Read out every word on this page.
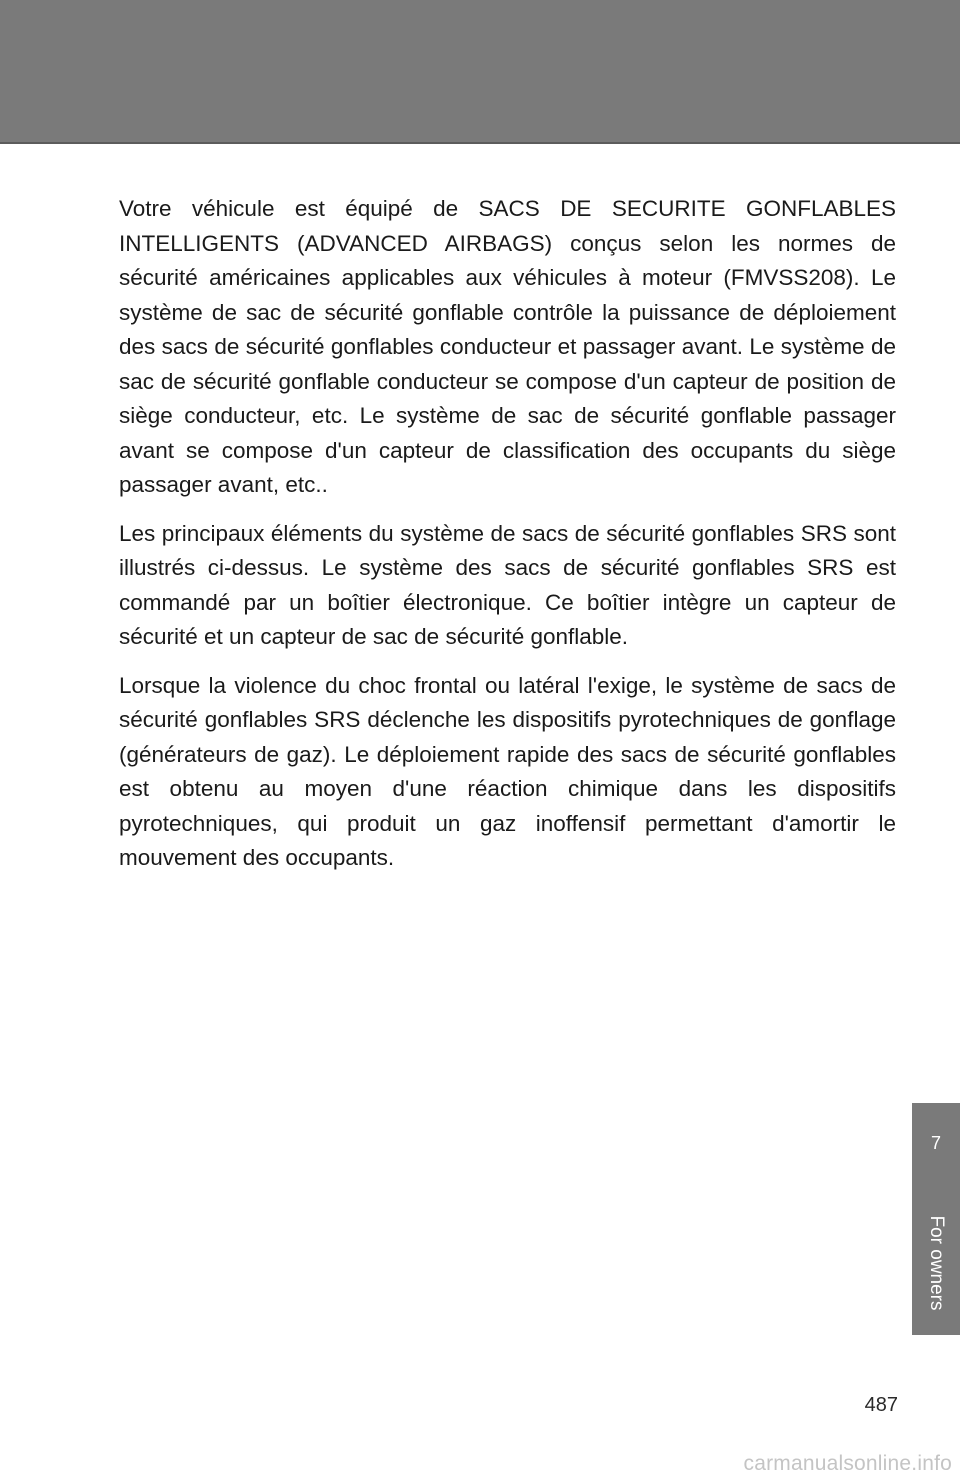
Votre véhicule est équipé de SACS DE SECURITE GONFLABLES INTELLIGENTS (ADVANCED AIRBAGS) conçus selon les normes de sécurité américaines applicables aux véhicules à moteur (FMVSS208). Le système de sac de sécurité gonflable contrôle la puissance de déploiement des sacs de sécurité gonflables conducteur et passager avant. Le système de sac de sécurité gonflable conducteur se compose d'un capteur de position de siège conducteur, etc. Le système de sac de sécurité gonflable passager avant se compose d'un capteur de classification des occupants du siège passager avant, etc..

Les principaux éléments du système de sacs de sécurité gonflables SRS sont illustrés ci-dessus. Le système des sacs de sécurité gonflables SRS est commandé par un boîtier électronique. Ce boîtier intègre un capteur de sécurité et un capteur de sac de sécurité gonflable.

Lorsque la violence du choc frontal ou latéral l'exige, le système de sacs de sécurité gonflables SRS déclenche les dispositifs pyrotechniques de gonflage (générateurs de gaz). Le déploiement rapide des sacs de sécurité gonflables est obtenu au moyen d'une réaction chimique dans les dispositifs pyrotechniques, qui produit un gaz inoffensif permettant d'amortir le mouvement des occupants.

7
For owners
487
carmanualsonline.info
